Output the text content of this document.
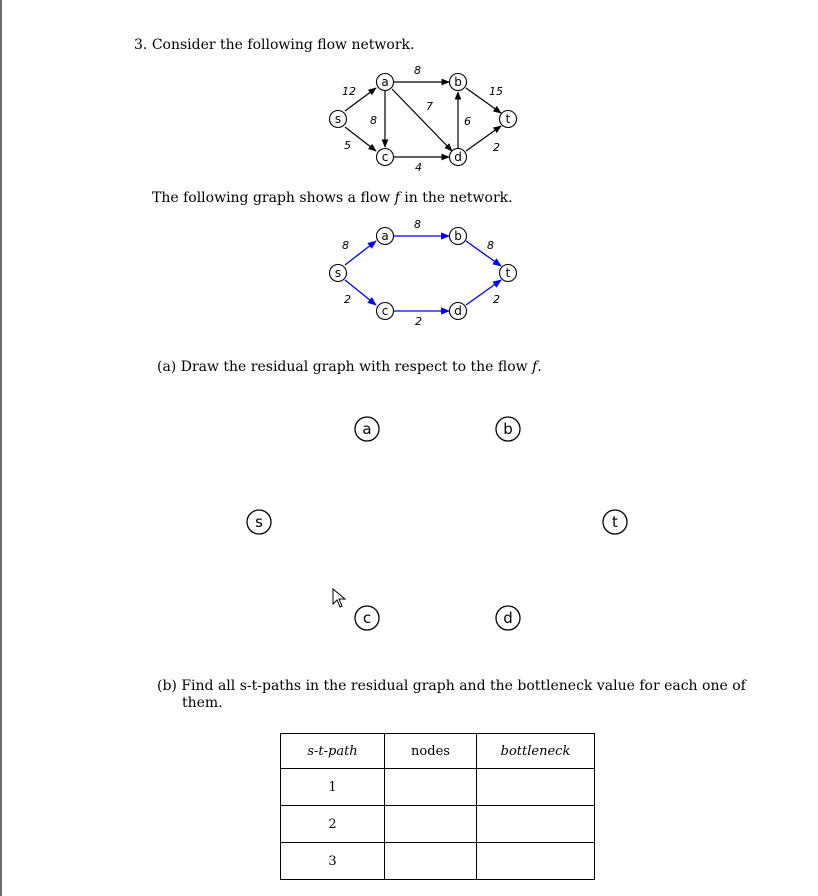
3. Consider the following flow network.
12
5
8
8
7
6
4
15
2
s
a	b
c	d
t
8
8
8
2
2
2
s
a	b
c	d
t
a	b
s	t
c	d
The following graph shows a flow f in the network.
(a) Draw the residual graph with respect to the flow f.
(b) Find all s-t-paths in the residual graph and the bottleneck value for each one of
them.
s-t-path	nodes	bottleneck
1		
2		
3		
